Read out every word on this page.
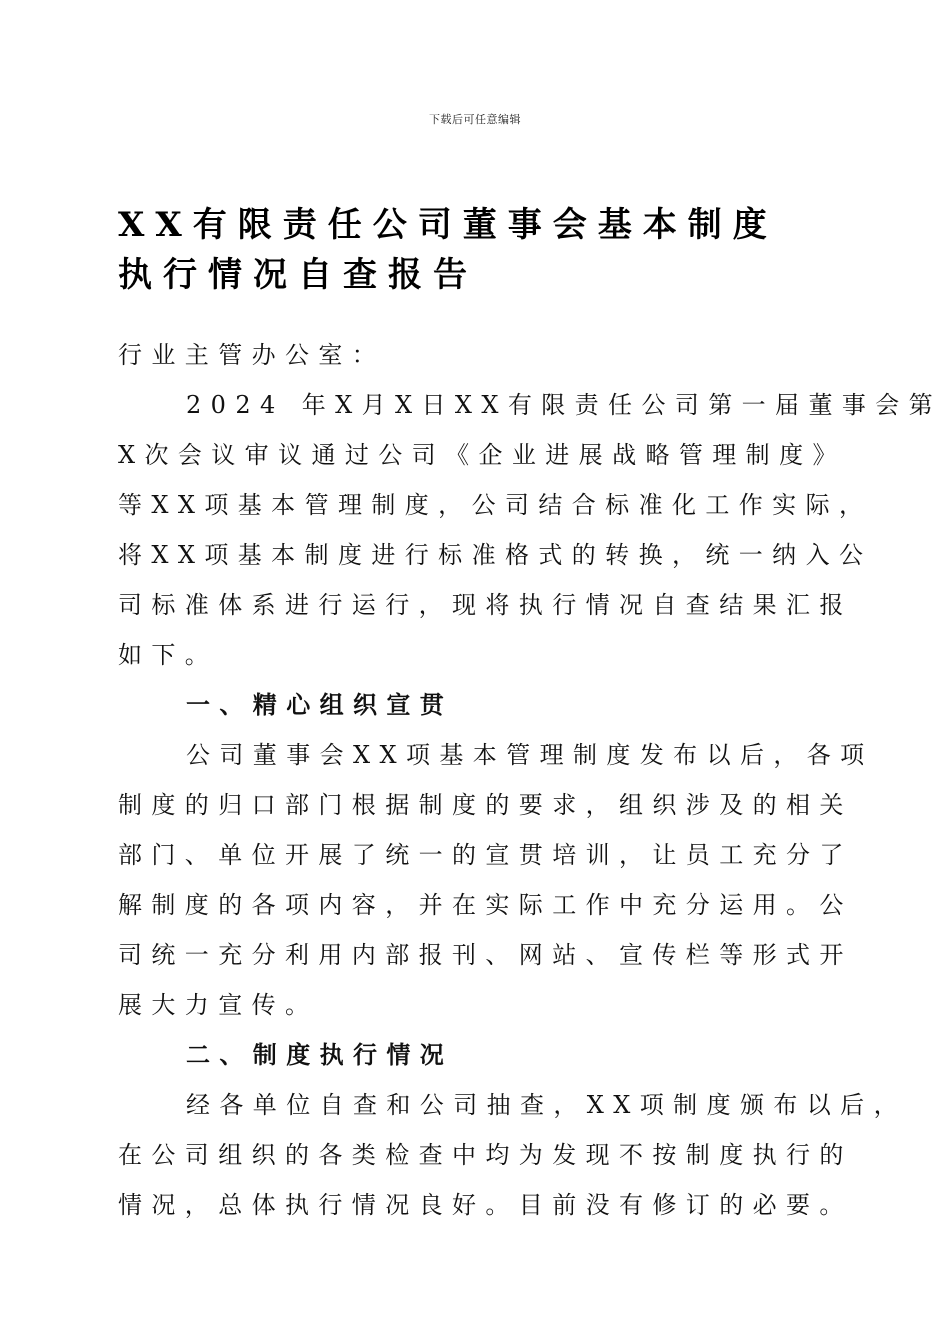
下载后可任意编辑
XX有限责任公司董事会基本制度
执行情况自查报告
行业主管办公室：
2024 年X月X日XX有限责任公司第一届董事会第
X次会议审议通过公司《企业进展战略管理制度》
等XX项基本管理制度，公司结合标准化工作实际，
将XX项基本制度进行标准格式的转换，统一纳入公
司标准体系进行运行，现将执行情况自查结果汇报
如下。
一、精心组织宣贯
公司董事会XX项基本管理制度发布以后，各项
制度的归口部门根据制度的要求，组织涉及的相关
部门、单位开展了统一的宣贯培训，让员工充分了
解制度的各项内容，并在实际工作中充分运用。公
司统一充分利用内部报刊、网站、宣传栏等形式开
展大力宣传。
二、制度执行情况
经各单位自查和公司抽查，XX项制度颁布以后，
在公司组织的各类检查中均为发现不按制度执行的
情况，总体执行情况良好。目前没有修订的必要。
